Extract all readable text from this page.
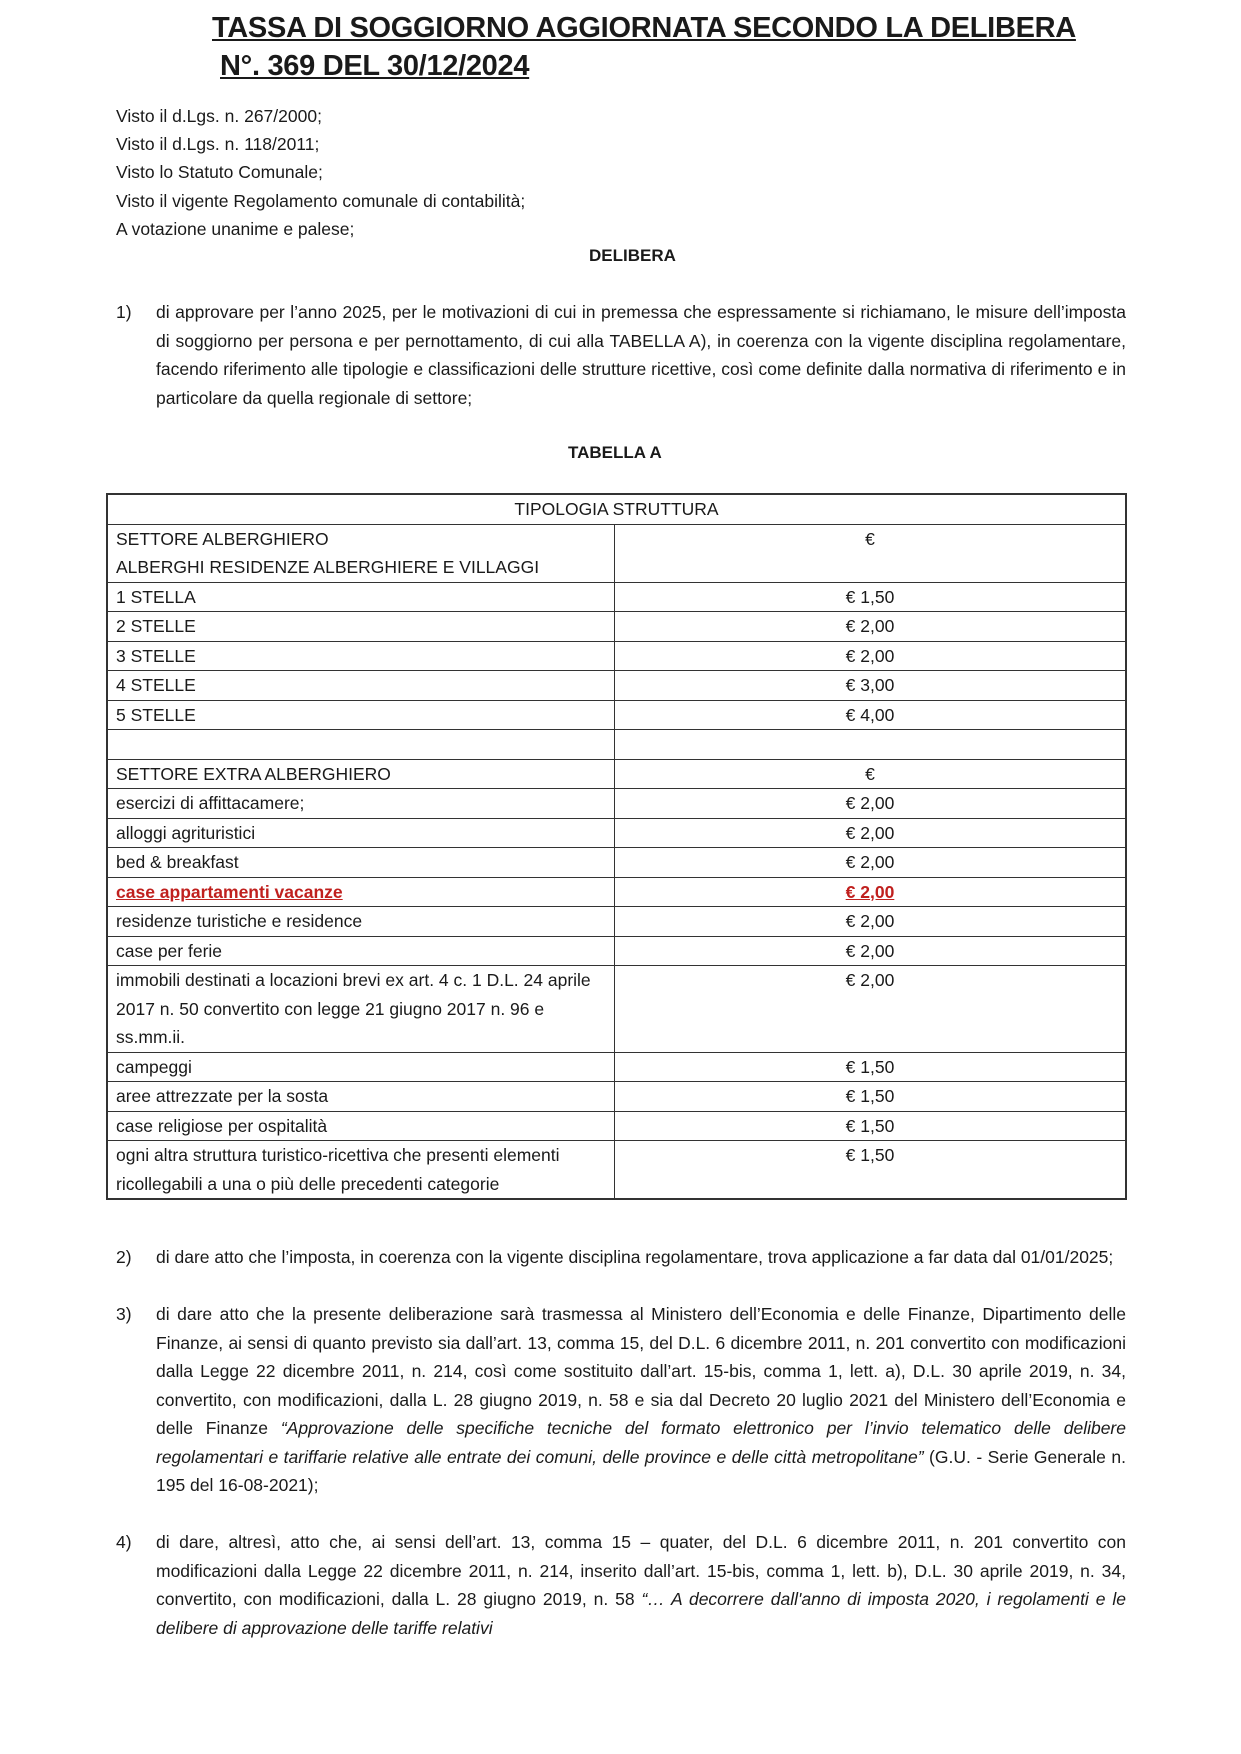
TASSA DI SOGGIORNO AGGIORNATA SECONDO LA DELIBERA
N°. 369 DEL 30/12/2024
Visto il d.Lgs. n. 267/2000;
Visto il d.Lgs. n. 118/2011;
Visto lo Statuto Comunale;
Visto il vigente Regolamento comunale di contabilità;
A votazione unanime e palese;
DELIBERA
1) di approvare per l’anno 2025, per le motivazioni di cui in premessa che espressamente si richiamano, le misure dell’imposta di soggiorno per persona e per pernottamento, di cui alla TABELLA A), in coerenza con la vigente disciplina regolamentare, facendo riferimento alle tipologie e classificazioni delle strutture ricettive, così come definite dalla normativa di riferimento e in particolare da quella regionale di settore;
TABELLA A
TIPOLOGIA STRUTTURA	

SETTORE ALBERGHIERO
ALBERGHI RESIDENZE ALBERGHIERE E VILLAGGI	€
1 STELLA	€ 1,50
2 STELLE	€ 2,00
3 STELLE	€ 2,00
4 STELLE	€ 3,00
5 STELLE	€ 4,00

SETTORE EXTRA ALBERGHIERO	€
esercizi di affittacamere;	€ 2,00
alloggi agrituristici	€ 2,00
bed & breakfast	€ 2,00
case appartamenti vacanze	€ 2,00
residenze turistiche e residence	€ 2,00
case per ferie	€ 2,00
immobili destinati a locazioni brevi ex art. 4 c. 1 D.L. 24 aprile 2017 n. 50 convertito con legge 21 giugno 2017 n. 96 e ss.mm.ii.	€ 2,00
campeggi	€ 1,50
aree attrezzate per la sosta	€ 1,50
case religiose per ospitalità	€ 1,50
ogni altra struttura turistico-ricettiva che presenti elementi ricollegabili a una o più delle precedenti categorie	€ 1,50
2) di dare atto che l’imposta, in coerenza con la vigente disciplina regolamentare, trova applicazione a far data dal 01/01/2025;
3) di dare atto che la presente deliberazione sarà trasmessa al Ministero dell’Economia e delle Finanze, Dipartimento delle Finanze, ai sensi di quanto previsto sia dall’art. 13, comma 15, del D.L. 6 dicembre 2011, n. 201 convertito con modificazioni dalla Legge 22 dicembre 2011, n. 214, così come sostituito dall’art. 15-bis, comma 1, lett. a), D.L. 30 aprile 2019, n. 34, convertito, con modificazioni, dalla L. 28 giugno 2019, n. 58 e sia dal Decreto 20 luglio 2021 del Ministero dell’Economia e delle Finanze “Approvazione delle specifiche tecniche del formato elettronico per l’invio telematico delle delibere regolamentari e tariffarie relative alle entrate dei comuni, delle province e delle città metropolitane” (G.U. - Serie Generale n. 195 del 16-08-2021);
4) di dare, altresì, atto che, ai sensi dell’art. 13, comma 15 – quater, del D.L. 6 dicembre 2011, n. 201 convertito con modificazioni dalla Legge 22 dicembre 2011, n. 214, inserito dall’art. 15-bis, comma 1, lett. b), D.L. 30 aprile 2019, n. 34, convertito, con modificazioni, dalla L. 28 giugno 2019, n. 58 “… A decorrere dall'anno di imposta 2020, i regolamenti e le delibere di approvazione delle tariffe relativi
